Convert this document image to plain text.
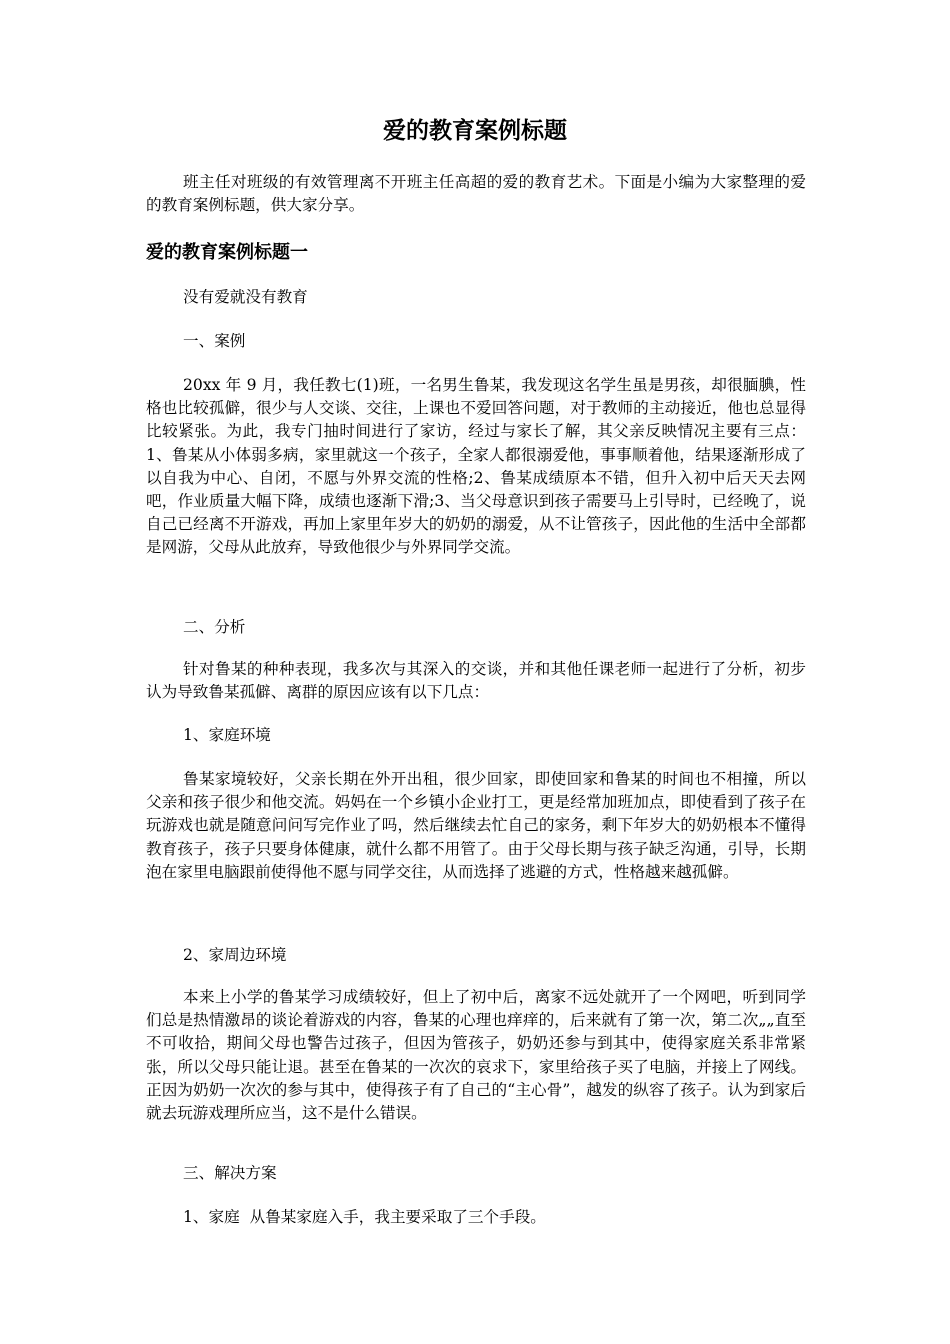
爱的教育案例标题

班主任对班级的有效管理离不开班主任高超的爱的教育艺术。下面是小编为大家整理的爱的教育案例标题，供大家分享。

爱的教育案例标题一

没有爱就没有教育

一、案例

20xx 年 9 月，我任教七(1)班，一名男生鲁某，我发现这名学生虽是男孩，却很腼腆，性格也比较孤僻，很少与人交谈、交往，上课也不爱回答问题，对于教师的主动接近，他也总显得比较紧张。为此，我专门抽时间进行了家访，经过与家长了解，其父亲反映情况主要有三点：1、鲁某从小体弱多病，家里就这一个孩子，全家人都很溺爱他，事事顺着他，结果逐渐形成了以自我为中心、自闭，不愿与外界交流的性格;2、鲁某成绩原本不错，但升入初中后天天去网吧，作业质量大幅下降，成绩也逐渐下滑;3、当父母意识到孩子需要马上引导时，已经晚了，说自己已经离不开游戏，再加上家里年岁大的奶奶的溺爱，从不让管孩子，因此他的生活中全部都是网游，父母从此放弃，导致他很少与外界同学交流。

二、分析

针对鲁某的种种表现，我多次与其深入的交谈，并和其他任课老师一起进行了分析，初步认为导致鲁某孤僻、离群的原因应该有以下几点：

1、家庭环境

鲁某家境较好，父亲长期在外开出租，很少回家，即使回家和鲁某的时间也不相撞，所以父亲和孩子很少和他交流。妈妈在一个乡镇小企业打工，更是经常加班加点，即使看到了孩子在玩游戏也就是随意问问写完作业了吗，然后继续去忙自己的家务，剩下年岁大的奶奶根本不懂得教育孩子，孩子只要身体健康，就什么都不用管了。由于父母长期与孩子缺乏沟通，引导，长期泡在家里电脑跟前使得他不愿与同学交往，从而选择了逃避的方式，性格越来越孤僻。

2、家周边环境

本来上小学的鲁某学习成绩较好，但上了初中后，离家不远处就开了一个网吧，听到同学们总是热情激昂的谈论着游戏的内容，鲁某的心理也痒痒的，后来就有了第一次，第二次„„直至不可收拾，期间父母也警告过孩子，但因为管孩子，奶奶还参与到其中，使得家庭关系非常紧张，所以父母只能让退。甚至在鲁某的一次次的哀求下，家里给孩子买了电脑，并接上了网线。正因为奶奶一次次的参与其中，使得孩子有了自己的“主心骨”，越发的纵容了孩子。认为到家后就去玩游戏理所应当，这不是什么错误。

三、解决方案

1、家庭  从鲁某家庭入手，我主要采取了三个手段。
